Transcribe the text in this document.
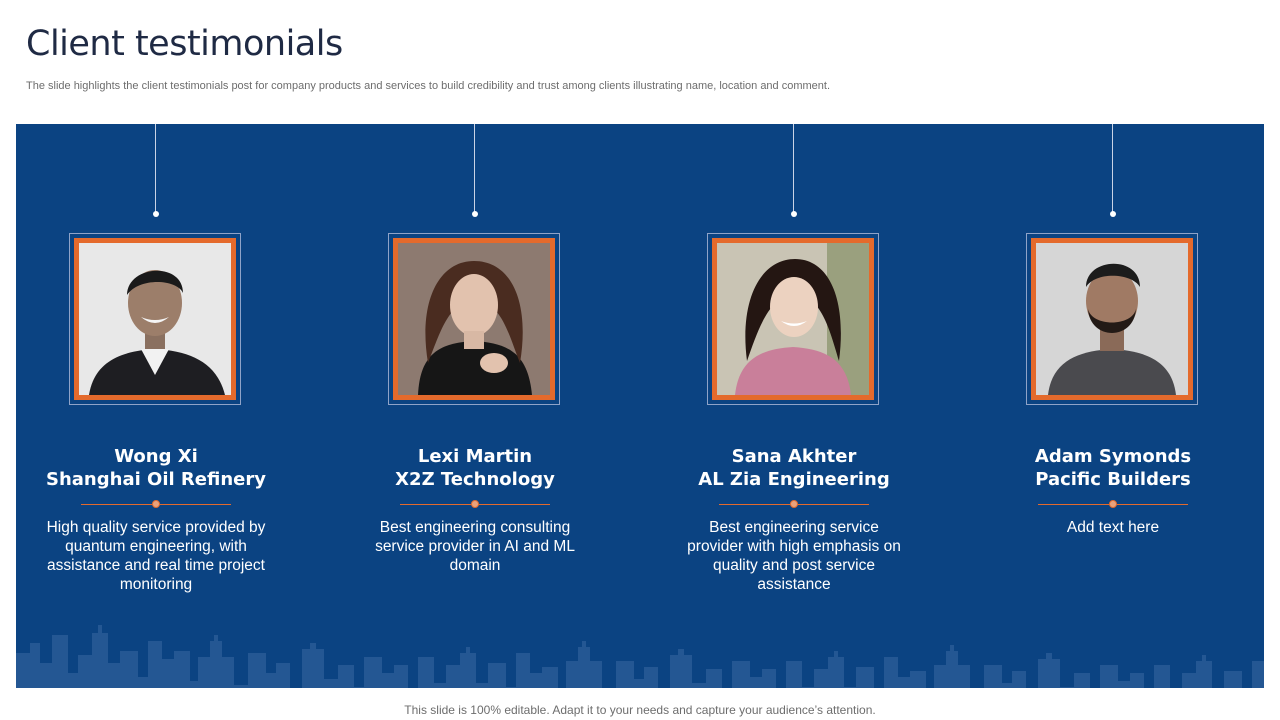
Client testimonials

The slide highlights the client testimonials post for company products and services to build credibility and trust among clients illustrating name, location and comment.

Wong Xi
Shanghai Oil Refinery
High quality service provided by quantum engineering, with assistance and real time project monitoring
Lexi Martin
X2Z Technology
Best engineering consulting service provider in AI and ML domain
Sana Akhter
AL Zia Engineering
Best engineering service provider with high emphasis on quality and post service assistance
Adam Symonds
Pacific Builders
Add text here
This slide is 100% editable. Adapt it to your needs and capture your audience’s attention.
